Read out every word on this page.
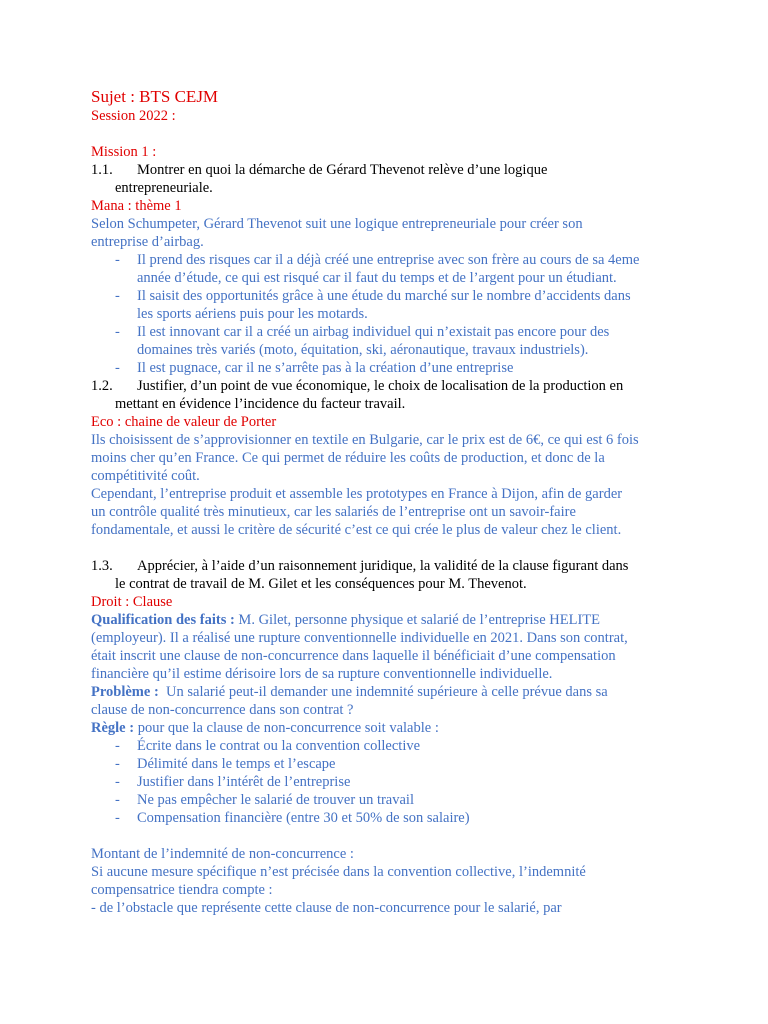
Sujet : BTS CEJM
Session 2022 :
Mission 1 :
1.1. Montrer en quoi la démarche de Gérard Thevenot relève d’une logique
entrepreneuriale.
Mana : thème 1
Selon Schumpeter, Gérard Thevenot suit une logique entrepreneuriale pour créer son
entreprise d’airbag.
- Il prend des risques car il a déjà créé une entreprise avec son frère au cours de sa 4eme
année d’étude, ce qui est risqué car il faut du temps et de l’argent pour un étudiant.
- Il saisit des opportunités grâce à une étude du marché sur le nombre d’accidents dans
les sports aériens puis pour les motards.
- Il est innovant car il a créé un airbag individuel qui n’existait pas encore pour des
domaines très variés (moto, équitation, ski, aéronautique, travaux industriels).
- Il est pugnace, car il ne s’arrête pas à la création d’une entreprise
1.2. Justifier, d’un point de vue économique, le choix de localisation de la production en
mettant en évidence l’incidence du facteur travail.
Eco : chaine de valeur de Porter
Ils choisissent de s’approvisionner en textile en Bulgarie, car le prix est de 6€, ce qui est 6 fois
moins cher qu’en France. Ce qui permet de réduire les coûts de production, et donc de la
compétitivité coût.
Cependant, l’entreprise produit et assemble les prototypes en France à Dijon, afin de garder
un contrôle qualité très minutieux, car les salariés de l’entreprise ont un savoir-faire
fondamentale, et aussi le critère de sécurité c’est ce qui crée le plus de valeur chez le client.
1.3. Apprécier, à l’aide d’un raisonnement juridique, la validité de la clause figurant dans
le contrat de travail de M. Gilet et les conséquences pour M. Thevenot.
Droit : Clause
Qualification des faits : M. Gilet, personne physique et salarié de l’entreprise HELITE
(employeur). Il a réalisé une rupture conventionnelle individuelle en 2021. Dans son contrat,
était inscrit une clause de non-concurrence dans laquelle il bénéficiait d’une compensation
financière qu’il estime dérisoire lors de sa rupture conventionnelle individuelle.
Problème :  Un salarié peut-il demander une indemnité supérieure à celle prévue dans sa
clause de non-concurrence dans son contrat ?
Règle : pour que la clause de non-concurrence soit valable :
- Écrite dans le contrat ou la convention collective
- Délimité dans le temps et l’escape
- Justifier dans l’intérêt de l’entreprise
- Ne pas empêcher le salarié de trouver un travail
- Compensation financière (entre 30 et 50% de son salaire)
Montant de l’indemnité de non-concurrence :
Si aucune mesure spécifique n’est précisée dans la convention collective, l’indemnité
compensatrice tiendra compte :
- de l’obstacle que représente cette clause de non-concurrence pour le salarié, par
